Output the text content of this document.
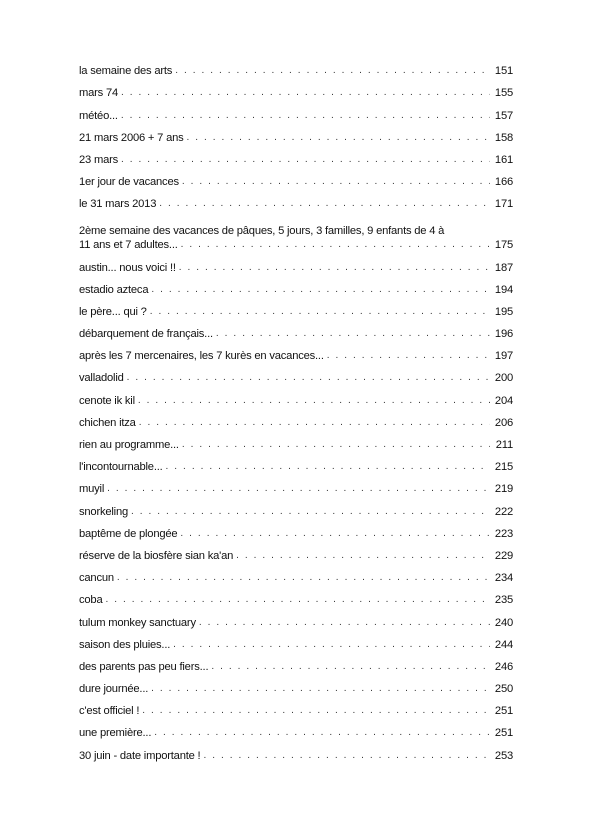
la semaine des arts . . .	151
mars 74 . . .	155
météo... . . .	157
21 mars 2006 + 7 ans . . .	158
23 mars . . .	161
1er jour de vacances . . .	166
le 31 mars 2013 . . .	171
2ème semaine des vacances de pâques, 5 jours, 3 familles, 9 enfants de 4 à
11 ans et 7 adultes... . . .	175
austin... nous voici !! . . .	187
estadio azteca . . .	194
le père... qui ? . . .	195
débarquement de français... . . .	196
après les 7 mercenaires, les 7 kurès en vacances... . . .	197
valladolid . . .	200
cenote ik kil . . .	204
chichen itza . . .	206
rien au programme... . . .	211
l'incontournable... . . .	215
muyil . . .	219
snorkeling . . .	222
baptême de plongée . . .	223
réserve de la biosfère sian ka'an . . .	229
cancun . . .	234
coba . . .	235
tulum monkey sanctuary . . .	240
saison des pluies... . . .	244
des parents pas peu fiers... . . .	246
dure journée... . . .	250
c'est officiel ! . . .	251
une première... . . .	251
30 juin - date importante ! . . .	253
